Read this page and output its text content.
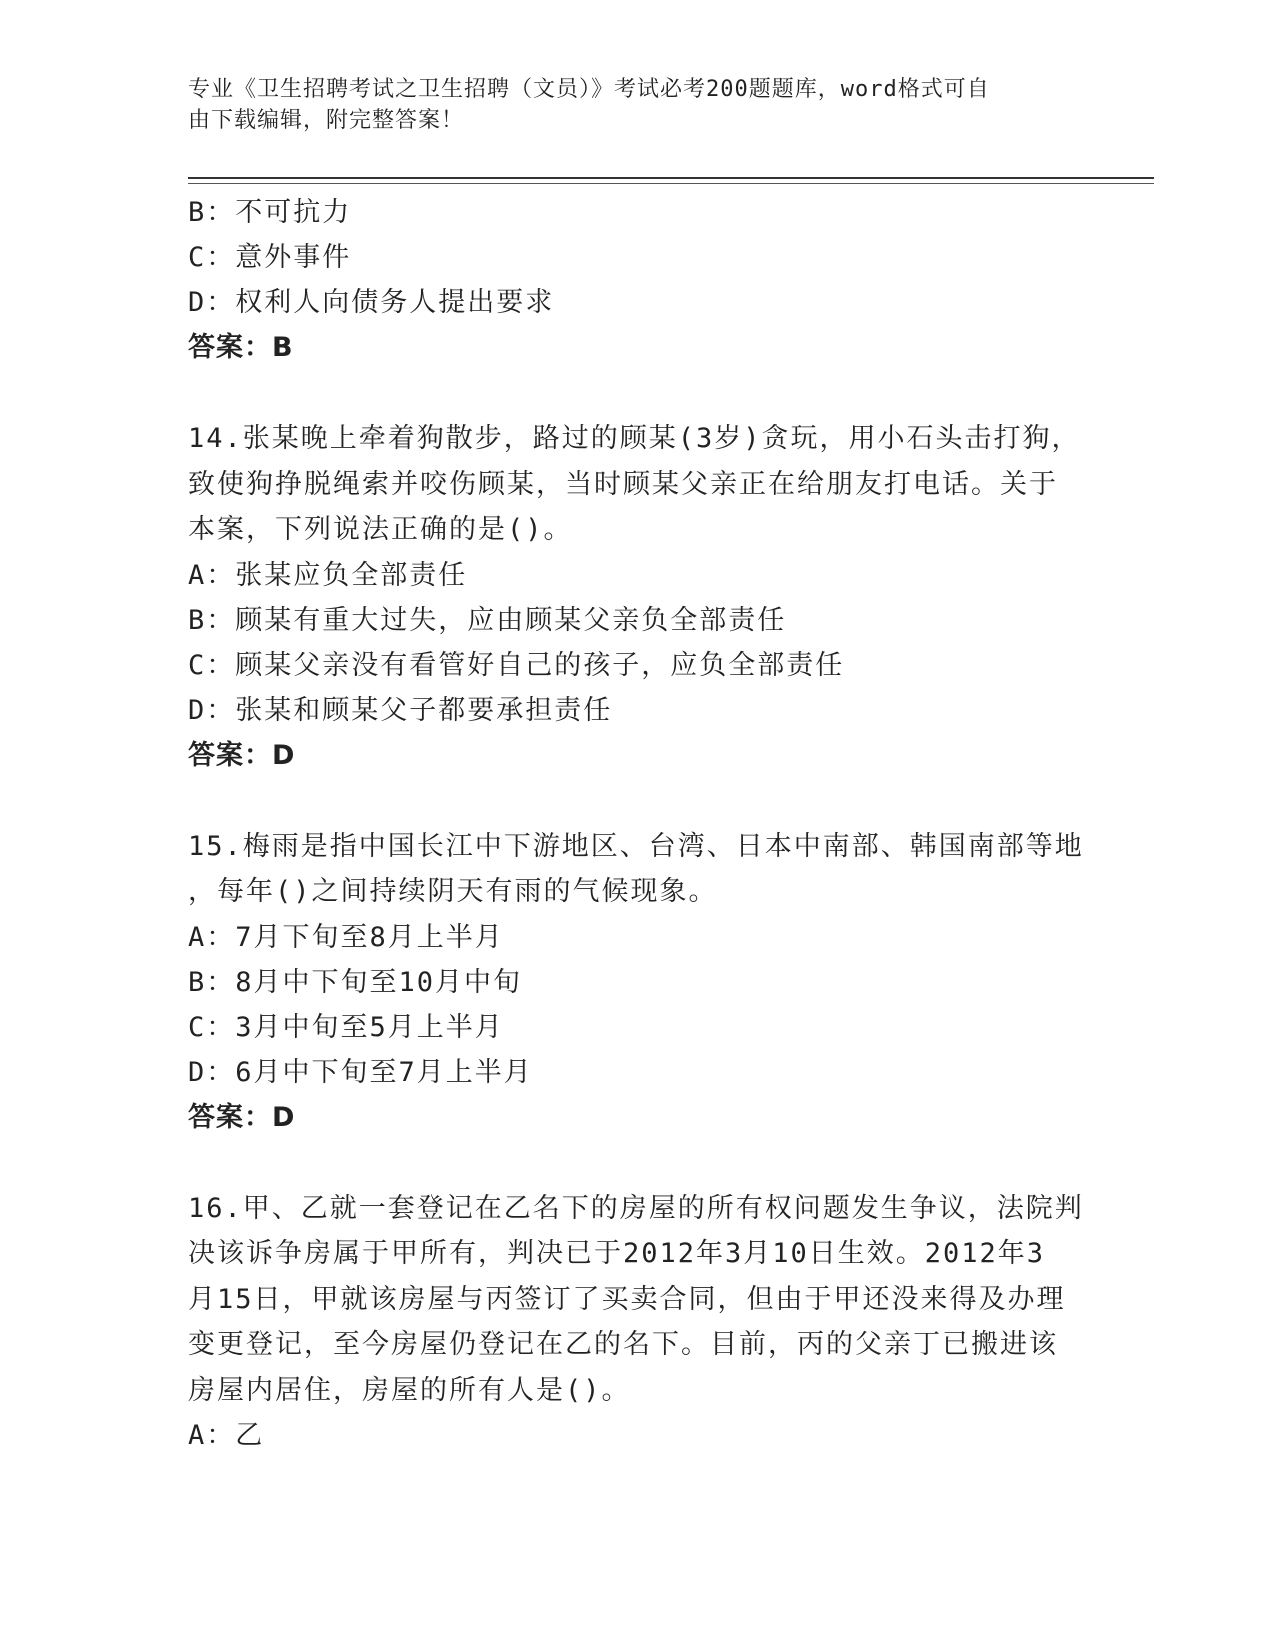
专业《卫生招聘考试之卫生招聘（文员）》考试必考200题题库，word格式可自
由下载编辑，附完整答案！
B：不可抗力
C：意外事件
D：权利人向债务人提出要求
答案：B
14.张某晚上牵着狗散步，路过的顾某(3岁)贪玩，用小石头击打狗，
致使狗挣脱绳索并咬伤顾某，当时顾某父亲正在给朋友打电话。关于
本案，下列说法正确的是()。
A：张某应负全部责任
B：顾某有重大过失，应由顾某父亲负全部责任
C：顾某父亲没有看管好自己的孩子，应负全部责任
D：张某和顾某父子都要承担责任
答案：D
15.梅雨是指中国长江中下游地区、台湾、日本中南部、韩国南部等地
，每年()之间持续阴天有雨的气候现象。
A：7月下旬至8月上半月
B：8月中下旬至10月中旬
C：3月中旬至5月上半月
D：6月中下旬至7月上半月
答案：D
16.甲、乙就一套登记在乙名下的房屋的所有权问题发生争议，法院判
决该诉争房属于甲所有，判决已于2012年3月10日生效。2012年3
月15日，甲就该房屋与丙签订了买卖合同，但由于甲还没来得及办理
变更登记，至今房屋仍登记在乙的名下。目前，丙的父亲丁已搬进该
房屋内居住，房屋的所有人是()。
A：乙
